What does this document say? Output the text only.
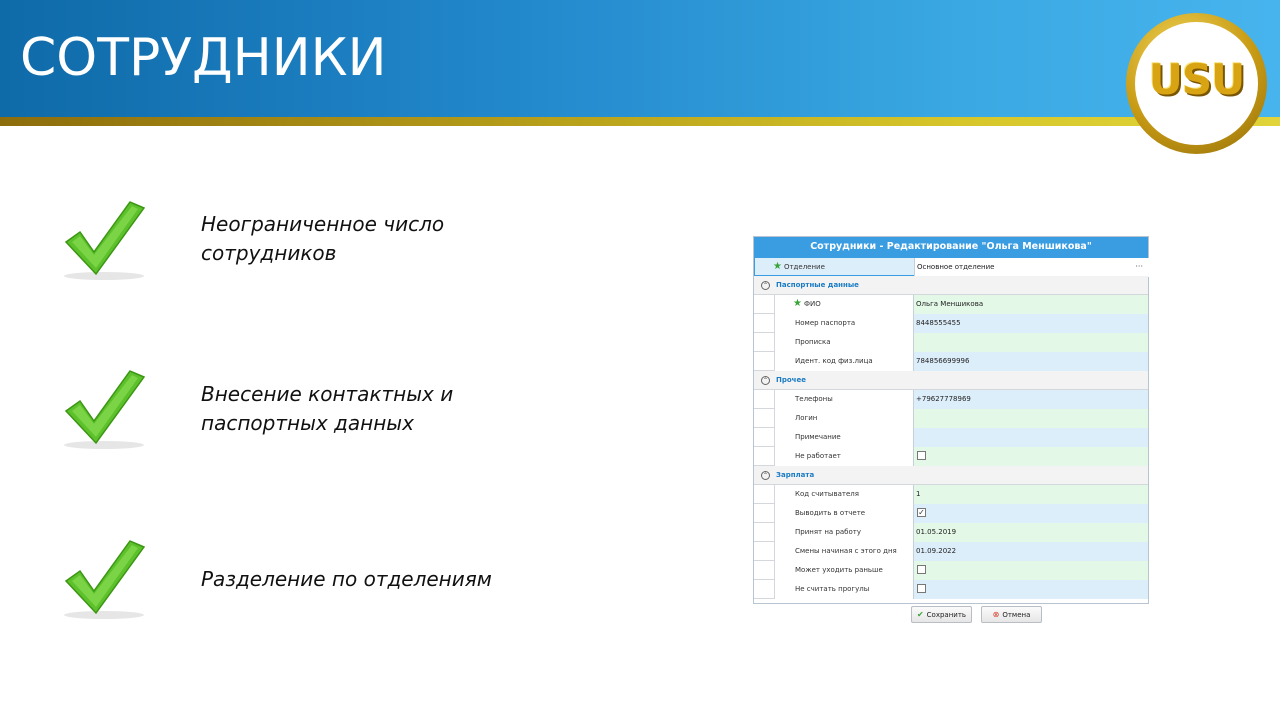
СОТРУДНИКИ	USU
Неограниченное число
сотрудников
Внесение контактных и
паспортных данных
Разделение по отделениям
Сотрудники - Редактирование "Ольга Меншикова"
★ Отделение	Основное отделение	···
⌃ Паспортные данные
★ ФИО	Ольга Меншикова
Номер паспорта	8448555455
Прописка
Идент. код физ.лица	784856699996
⌃ Прочее
Телефоны	+79627778969
Логин
Примечание
Не работает
⌃ Зарплата
Код считывателя	1
Выводить в отчете	✓
Принят на работу	01.05.2019
Смены начиная с этого дня	01.09.2022
Может уходить раньше
Не считать прогулы
✔ Сохранить	⊗ Отмена
